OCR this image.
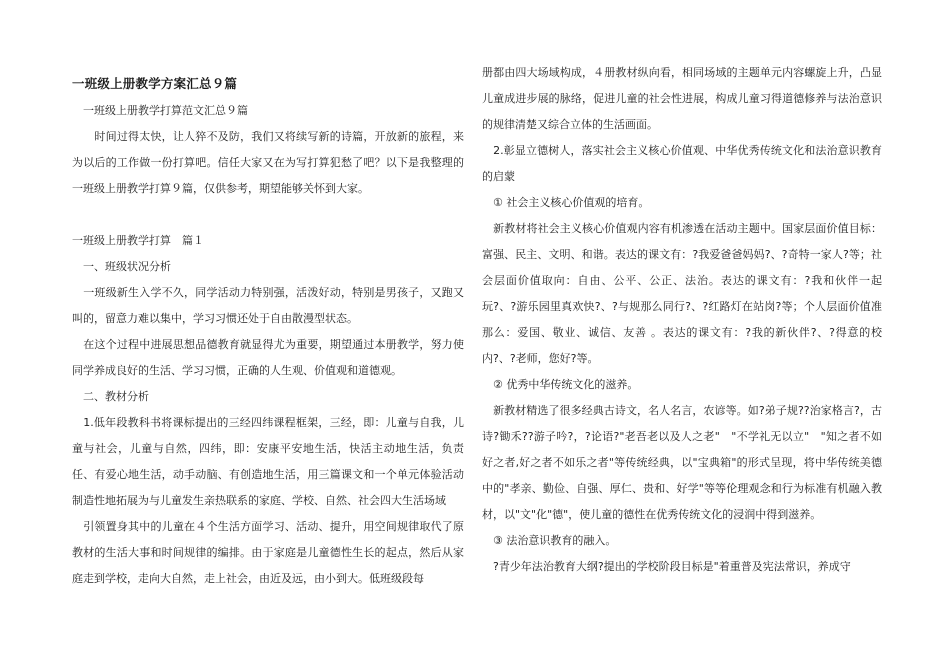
一班级上册教学方案汇总９篇

　一班级上册教学打算范文汇总９篇

　　时间过得太快，让人猝不及防，我们又将续写新的诗篇，开放新的旅程，来为以后的工作做一份打算吧。信任大家又在为写打算犯愁了吧？以下是我整理的一班级上册教学打算９篇，仅供参考，期望能够关怀到大家。

一班级上册教学打算　篇１

　一、班级状况分析

　一班级新生入学不久，同学活动力特别强，活泼好动，特别是男孩子，又跑又叫的，留意力难以集中，学习习惯还处于自由散漫型状态。

　在这个过程中进展思想品德教育就显得尤为重要，期望通过本册教学，努力使同学养成良好的生活、学习习惯，正确的人生观、价值观和道德观。

　二、教材分析

　1.低年段教科书将课标提出的三经四纬课程框架，三经，即：儿童与自我，儿童与社会，儿童与自然，四纬，即：安康平安地生活，快活主动地生活，负责任、有爱心地生活，动手动脑、有创造地生活，用三篇课文和一个单元体验活动制造性地拓展为与儿童发生亲热联系的家庭、学校、自然、社会四大生活场域

　引领置身其中的儿童在４个生活方面学习、活动、提升，用空间规律取代了原教材的生活大事和时间规律的编排。由于家庭是儿童德性生长的起点，然后从家庭走到学校，走向大自然，走上社会，由近及远，由小到大。低班级段每

册都由四大场域构成，４册教材纵向看，相同场域的主题单元内容螺旋上升，凸显儿童成进步展的脉络，促进儿童的社会性进展，构成儿童习得道德修养与法治意识的规律清楚又综合立体的生活画面。

　2.彰显立德树人，落实社会主义核心价值观、中华优秀传统文化和法治意识教育的启蒙

　① 社会主义核心价值观的培育。

　新教材将社会主义核心价值观内容有机渗透在活动主题中。国家层面价值目标：富强、民主、文明、和谐。表达的课文有：?我爱爸爸妈妈?、?奇特一家人?等；社会层面价值取向：自由、公平、公正、法治。表达的课文有：?我和伙伴一起玩?、?游乐园里真欢快?、?与规那么同行?、?红路灯在站岗?等；个人层面价值准那么：爱国、敬业、诚信、友善 。表达的课文有：?我的新伙伴?、?得意的校内?、?老师，您好?等。

　② 优秀中华传统文化的滋养。

　新教材精选了很多经典古诗文，名人名言，农谚等。如?弟子规??治家格言?，古诗?锄禾??游子吟?，?论语?"老吾老以及人之老"　"不学礼无以立"　"知之者不如好之者,好之者不如乐之者"等传统经典，以"宝典箱"的形式呈现，将中华传统美德中的"孝亲、勤俭、自强、厚仁、贵和、好学"等等伦理观念和行为标准有机融入教材，以"文"化"德"，使儿童的德性在优秀传统文化的浸润中得到滋养。

　③ 法治意识教育的融入。

　?青少年法治教育大纲?提出的学校阶段目标是"着重普及宪法常识，养成守
